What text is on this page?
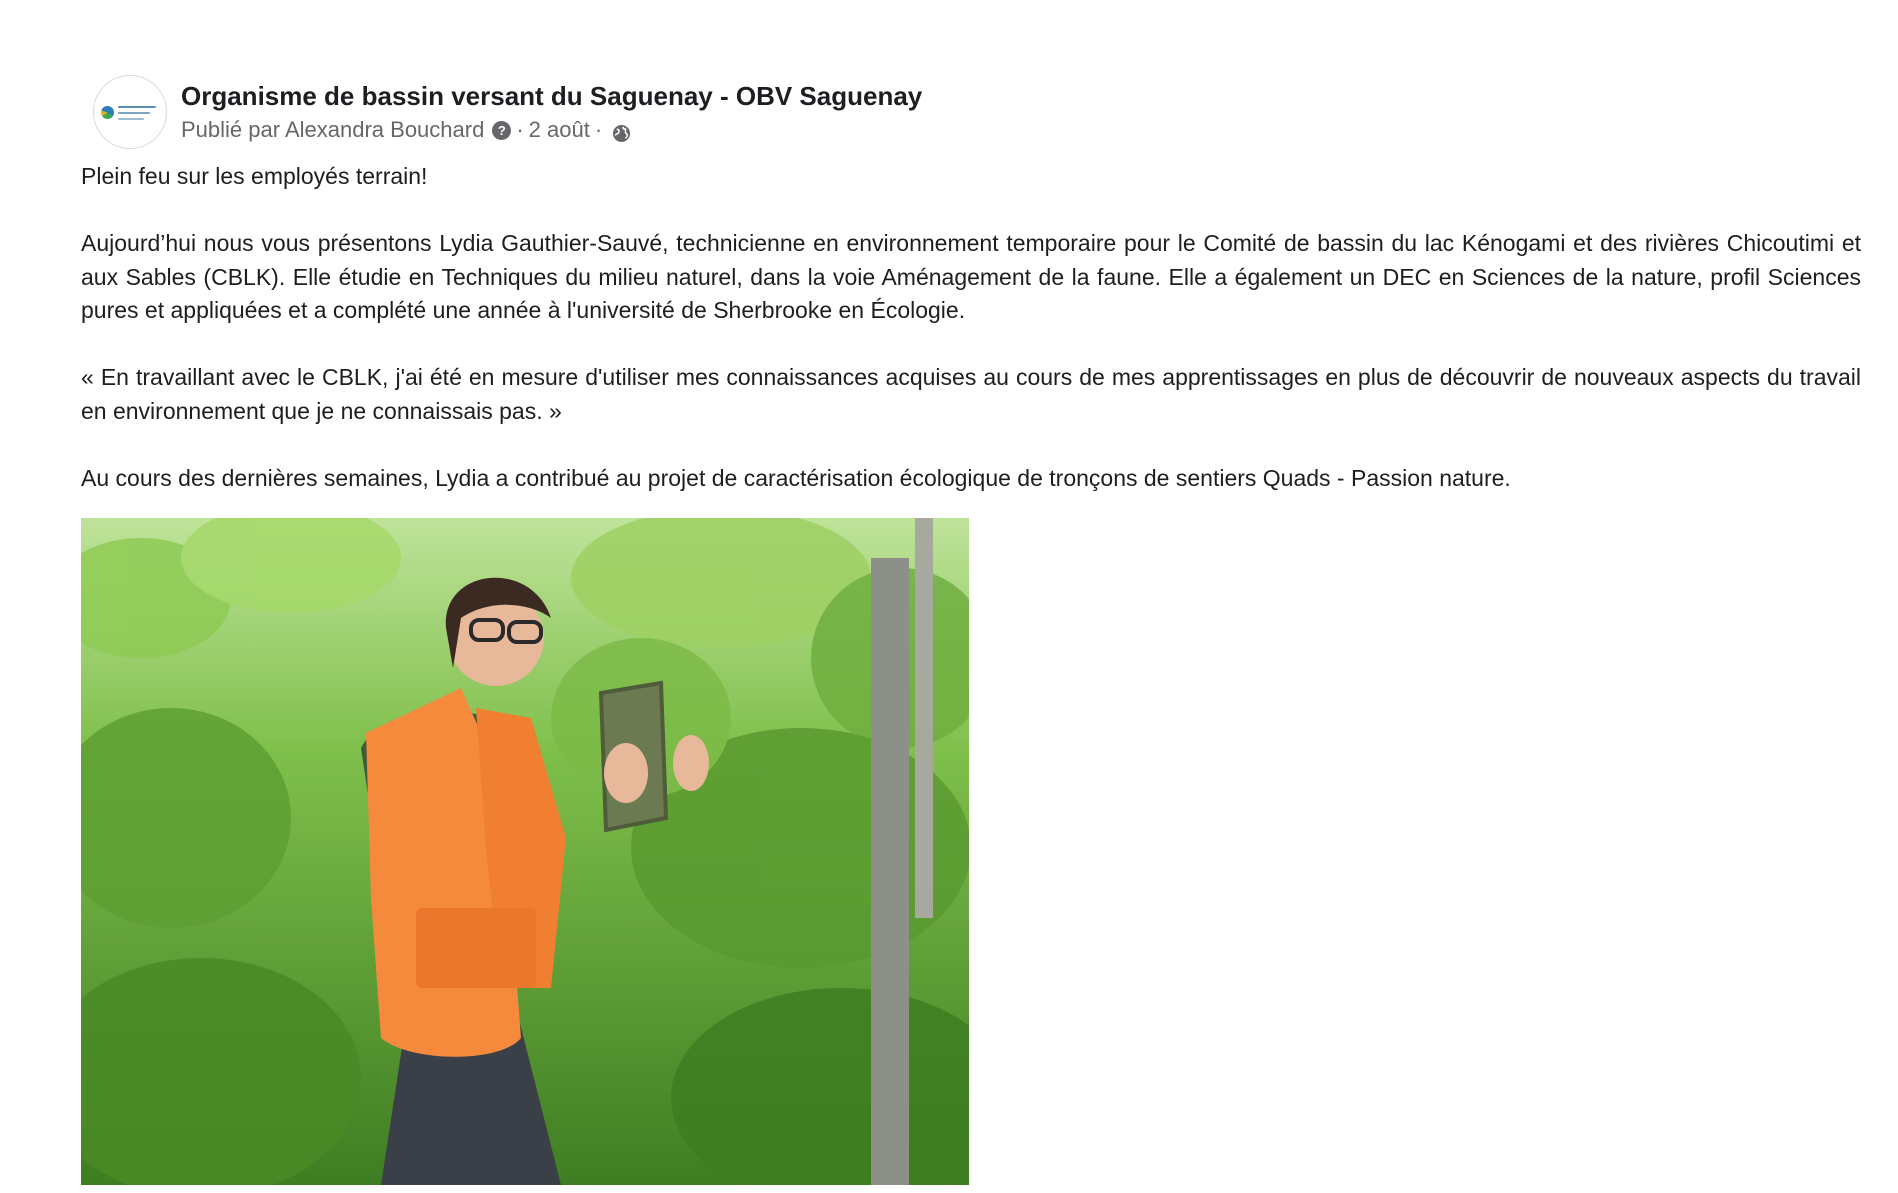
Organisme de bassin versant du Saguenay - OBV Saguenay
Publié par Alexandra Bouchard	? · 2 août ·

Plein feu sur les employés terrain!

Aujourd’hui nous vous présentons Lydia Gauthier-Sauvé, technicienne en environnement temporaire pour le Comité de bassin du lac Kénogami et des rivières Chicoutimi et aux Sables (CBLK). Elle étudie en Techniques du milieu naturel, dans la voie Aménagement de la faune. Elle a également un DEC en Sciences de la nature, profil Sciences pures et appliquées et a complété une année à l'université de Sherbrooke en Écologie.

« En travaillant avec le CBLK, j'ai été en mesure d'utiliser mes connaissances acquises au cours de mes apprentissages en plus de découvrir de nouveaux aspects du travail en environnement que je ne connaissais pas. »

Au cours des dernières semaines, Lydia a contribué au projet de caractérisation écologique de tronçons de sentiers Quads - Passion nature.
